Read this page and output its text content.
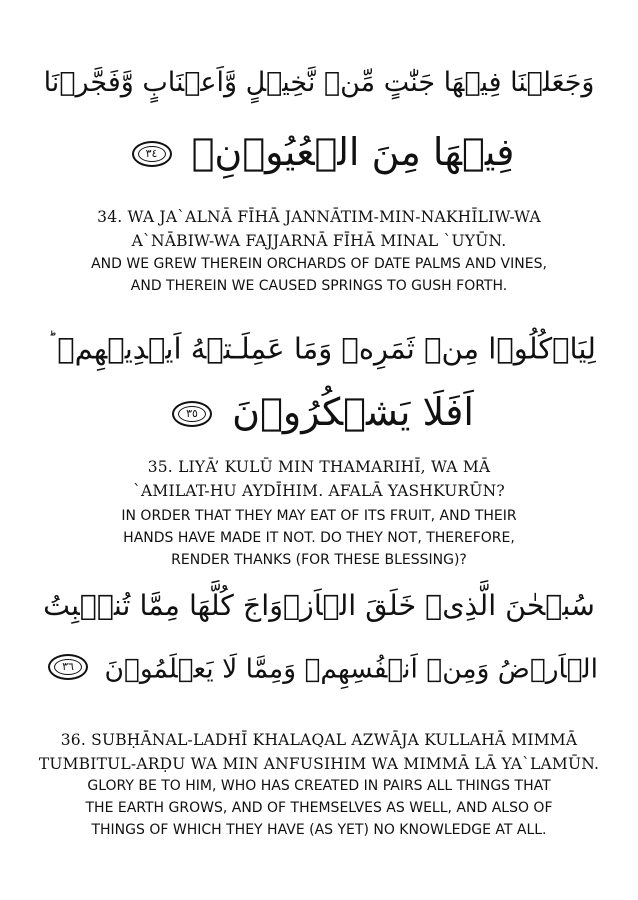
وَجَعَلۡنَا فِيۡهَا جَنّٰتٍ مِّنۡ نَّخِيۡلٍ وَّاَعۡنَابٍ وَّفَجَّرۡنَا
فِيۡهَا مِنَ الۡعُيُوۡنِۙ
٣٤
34. WA JA`ALNĀ FĪHĀ JANNĀTIM-MIN-NAKHĪLIW-WA
A`NĀBIW-WA FAJJARNĀ FĪHĀ MINAL `UYŪN.
AND WE GREW THEREIN ORCHARDS OF DATE PALMS AND VINES,
AND THEREIN WE CAUSED SPRINGS TO GUSH FORTH.
لِيَاۡكُلُوۡا مِنۡ ثَمَرِهٖ وَمَا عَمِلَـتۡهُ اَيۡدِيۡهِمۡ
اَفَلَا يَشۡكُرُوۡنَ
٣٥
35. LIYĀ’ KULŪ MIN THAMARIHĪ, WA MĀ
`AMILAT-HU AYDĪHIM. AFALĀ YASHKURŪN?
IN ORDER THAT THEY MAY EAT OF ITS FRUIT, AND THEIR
HANDS HAVE MADE IT NOT. DO THEY NOT, THEREFORE,
RENDER THANKS (FOR THESE BLESSING)?
سُبۡحٰنَ الَّذِىۡ خَلَقَ الۡاَزۡوَاجَ كُلَّهَا مِمَّا تُنۡۢبِتُ
الۡاَرۡضُ وَمِنۡ اَنۡفُسِهِمۡ وَمِمَّا لَا يَعۡلَمُوۡنَ
٣٦
36. SUBḤĀNAL-LADHĪ KHALAQAL AZWĀJA KULLAHĀ MIMMĀ
TUMBITUL-ARḌU WA MIN ANFUSIHIM WA MIMMĀ LĀ YA`LAMŪN.
GLORY BE TO HIM, WHO HAS CREATED IN PAIRS ALL THINGS THAT
THE EARTH GROWS, AND OF THEMSELVES AS WELL, AND ALSO OF
THINGS OF WHICH THEY HAVE (AS YET) NO KNOWLEDGE AT ALL.
